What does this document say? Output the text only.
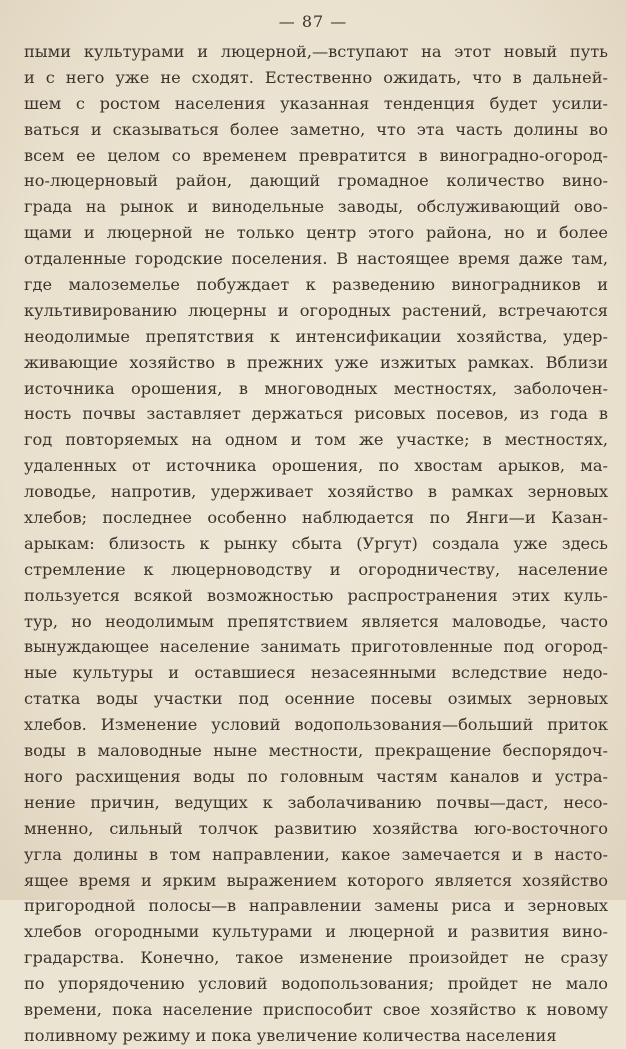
— 87 —
пыми культурами и люцерной,—вступают на этот новый путь
и с него уже не сходят. Естественно ожидать, что в дальней-
шем с ростом населения указанная тенденция будет усили-
ваться и сказываться более заметно, что эта часть долины во
всем ее целом со временем превратится в виноградно-огород-
но-люцерновый район, дающий громадное количество вино-
града на рынок и винодельные заводы, обслуживающий ово-
щами и люцерной не только центр этого района, но и более
отдаленные городские поселения. В настоящее время даже там,
где малоземелье побуждает к разведению виноградников и
культивированию люцерны и огородных растений, встречаются
неодолимые препятствия к интенсификации хозяйства, удер-
живающие хозяйство в прежних уже изжитых рамках. Вблизи
источника орошения, в многоводных местностях, заболочен-
ность почвы заставляет держаться рисовых посевов, из года в
год повторяемых на одном и том же участке; в местностях,
удаленных от источника орошения, по хвостам арыков, ма-
ловодье, напротив, удерживает хозяйство в рамках зерновых
хлебов; последнее особенно наблюдается по Янги—и Казан-
арыкам: близость к рынку сбыта (Ургут) создала уже здесь
стремление к люцерноводству и огородничеству, население
пользуется всякой возможностью распространения этих куль-
тур, но неодолимым препятствием является маловодье, часто
вынуждающее население занимать приготовленные под огород-
ные культуры и оставшиеся незасеянными вследствие недо-
статка воды участки под осенние посевы озимых зерновых
хлебов. Изменение условий водопользования—больший приток
воды в маловодные ныне местности, прекращение беспорядоч-
ного расхищения воды по головным частям каналов и устра-
нение причин, ведущих к заболачиванию почвы—даст, несо-
мненно, сильный толчок развитию хозяйства юго-восточного
угла долины в том направлении, какое замечается и в насто-
ящее время и ярким выражением которого является хозяйство
пригородной полосы—в направлении замены риса и зерновых
хлебов огородными культурами и люцерной и развития вино-
градарства. Конечно, такое изменение произойдет не сразу
по упорядочению условий водопользования; пройдет не мало
времени, пока население приспособит свое хозяйство к новому
поливному режиму и пока увеличение количества населения
